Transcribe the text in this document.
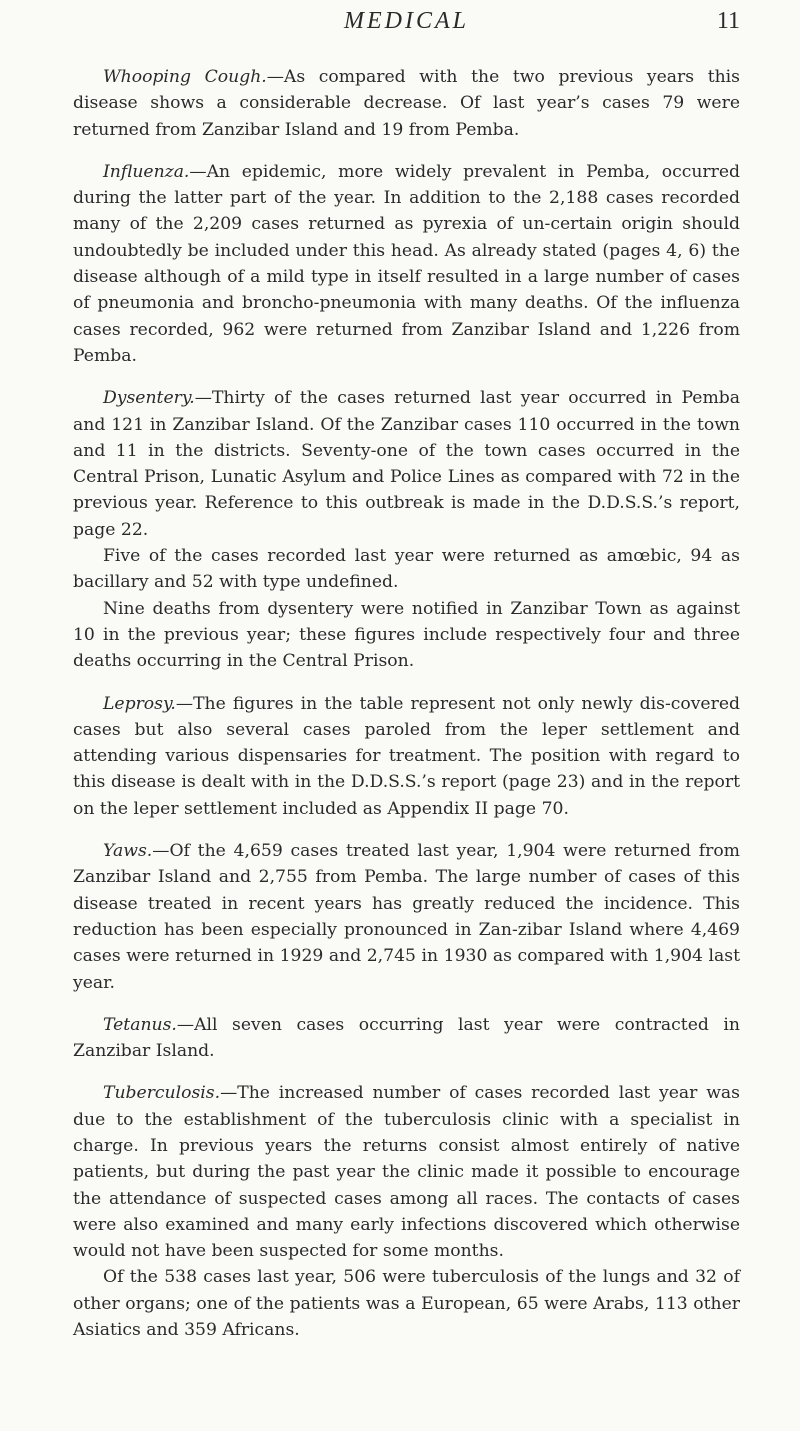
MEDICAL	11

Whooping Cough.—As compared with the two previous years this disease shows a considerable decrease. Of last year’s cases 79 were returned from Zanzibar Island and 19 from Pemba.

Influenza.—An epidemic, more widely prevalent in Pemba, occurred during the latter part of the year. In addition to the 2,188 cases recorded many of the 2,209 cases returned as pyrexia of un-certain origin should undoubtedly be included under this head. As already stated (pages 4, 6) the disease although of a mild type in itself resulted in a large number of cases of pneumonia and broncho-pneumonia with many deaths. Of the influenza cases recorded, 962 were returned from Zanzibar Island and 1,226 from Pemba.

Dysentery.—Thirty of the cases returned last year occurred in Pemba and 121 in Zanzibar Island. Of the Zanzibar cases 110 occurred in the town and 11 in the districts. Seventy-one of the town cases occurred in the Central Prison, Lunatic Asylum and Police Lines as compared with 72 in the previous year. Reference to this outbreak is made in the D.D.S.S.’s report, page 22.

Five of the cases recorded last year were returned as amœbic, 94 as bacillary and 52 with type undefined.

Nine deaths from dysentery were notified in Zanzibar Town as against 10 in the previous year; these figures include respectively four and three deaths occurring in the Central Prison.

Leprosy.—The figures in the table represent not only newly dis-covered cases but also several cases paroled from the leper settlement and attending various dispensaries for treatment. The position with regard to this disease is dealt with in the D.D.S.S.’s report (page 23) and in the report on the leper settlement included as Appendix II page 70.

Yaws.—Of the 4,659 cases treated last year, 1,904 were returned from Zanzibar Island and 2,755 from Pemba. The large number of cases of this disease treated in recent years has greatly reduced the incidence. This reduction has been especially pronounced in Zan-zibar Island where 4,469 cases were returned in 1929 and 2,745 in 1930 as compared with 1,904 last year.

Tetanus.—All seven cases occurring last year were contracted in Zanzibar Island.

Tuberculosis.—The increased number of cases recorded last year was due to the establishment of the tuberculosis clinic with a specialist in charge. In previous years the returns consist almost entirely of native patients, but during the past year the clinic made it possible to encourage the attendance of suspected cases among all races. The contacts of cases were also examined and many early infections discovered which otherwise would not have been suspected for some months.

Of the 538 cases last year, 506 were tuberculosis of the lungs and 32 of other organs; one of the patients was a European, 65 were Arabs, 113 other Asiatics and 359 Africans.
